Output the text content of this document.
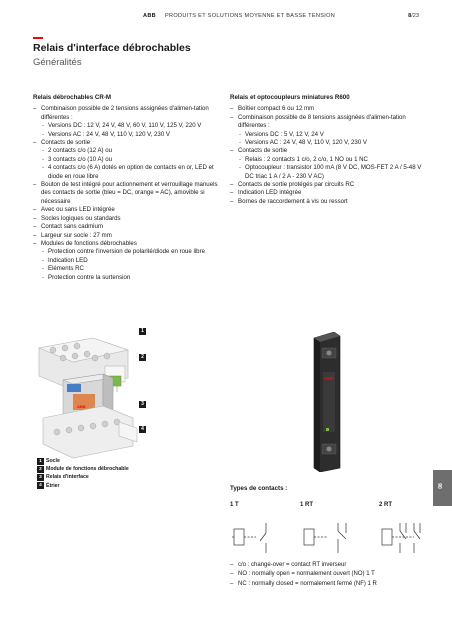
ABB PRODUITS ET SOLUTIONS MOYENNE ET BASSE TENSION	8/23
Relais d'interface débrochables
Généralités
Relais débrochables CR-M
– Combinaison possible de 2 tensions assignées d'alimen-tation différentes :
- Versions DC : 12 V, 24 V, 48 V, 60 V, 110 V, 125 V, 220 V
- Versions AC : 24 V, 48 V, 110 V, 120 V, 230 V
– Contacts de sortie
- 2 contacts c/o (12 A) ou
- 3 contacts c/o (10 A) ou
- 4 contacts c/o (6 A) dotés en option de contacts en or, LED et diode en roue libre
– Bouton de test intégré pour actionnement et verrouillage manuels des contacts de sortie (bleu = DC, orange = AC), amovible si nécessaire
– Avec ou sans LED intégrée
– Socles logiques ou standards
– Contact sans cadmium
– Largeur sur socle : 27 mm
– Modules de fonctions débrochables
- Protection contre l'inversion de polarité/diode en roue libre
- Indication LED
- Eléments RC
- Protection contre la surtension
Relais et optocoupleurs miniatures R600
– Boîtier compact 6 ou 12 mm
– Combinaison possible de 8 tensions assignées d'alimen-tation différentes :
- Versions DC : 5 V, 12 V, 24 V
- Versions AC : 24 V, 48 V, 110 V, 120 V, 230 V
– Contacts de sortie
- Relais : 2 contacts 1 c/o, 2 c/o, 1 NO ou 1 NC
- Optocoupleur : transistor 100 mA (8 V DC, MOS-FET 2 A / 5-48 V DC triac 1 A / 2 A - 230 V AC)
– Contacts de sortie protégés par circuits RC
– Indication LED intégrée
– Bornes de raccordement à vis ou ressort
ABB
1
2
3
4
ABB
1 Socle
2 Module de fonctions débrochable
3 Relais d'interface
4 Étrier	08
Types de contacts :
1 T	1 RT	2 RT
– c/o : change-over = contact RT inverseur
– NO : normally open = normalement ouvert (NO) 1 T
– NC : normally closed = normalement fermé (NF) 1 R
